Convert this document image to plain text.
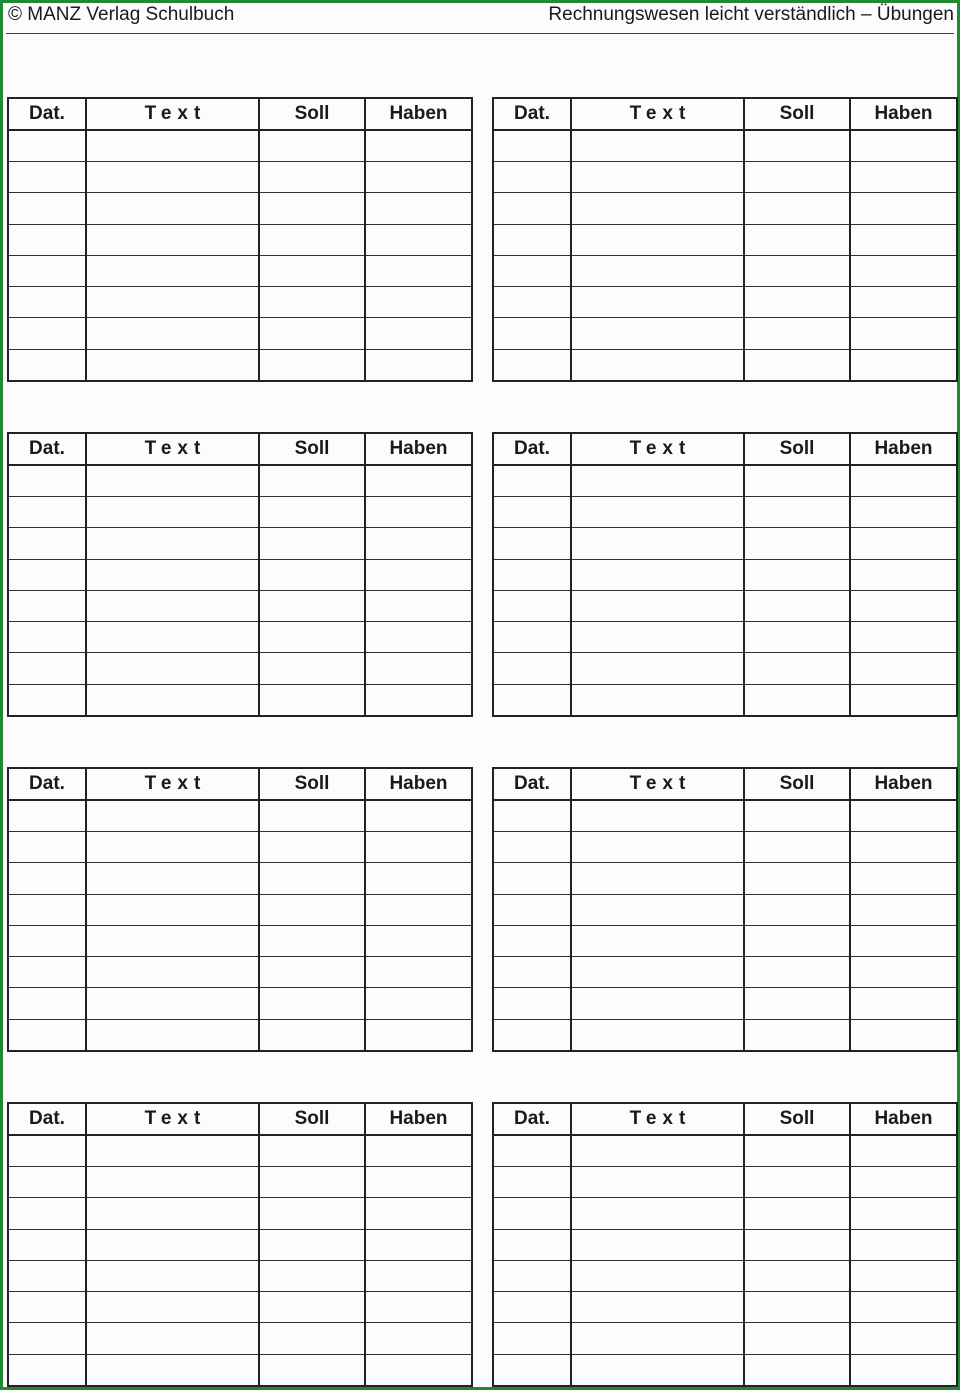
© MANZ Verlag Schulbuch	Rechnungswesen leicht verständlich – Übungen
Dat.	Text	Soll	Haben

				Dat.	Text	Soll	Haben

Dat.	Text	Soll	Haben

				Dat.	Text	Soll	Haben

Dat.	Text	Soll	Haben

				Dat.	Text	Soll	Haben

Dat.	Text	Soll	Haben

				Dat.	Text	Soll	Haben
